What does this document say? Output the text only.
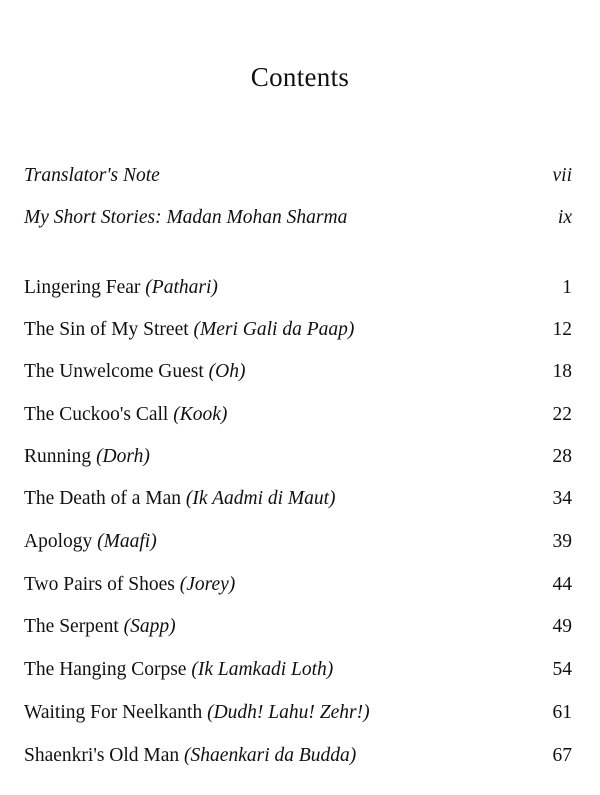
Contents
Translator's Note	vii
My Short Stories: Madan Mohan Sharma	ix
Lingering Fear (Pathari)	1
The Sin of My Street (Meri Gali da Paap)	12
The Unwelcome Guest (Oh)	18
The Cuckoo's Call (Kook)	22
Running (Dorh)	28
The Death of a Man (Ik Aadmi di Maut)	34
Apology (Maafi)	39
Two Pairs of Shoes (Jorey)	44
The Serpent (Sapp)	49
The Hanging Corpse (Ik Lamkadi Loth)	54
Waiting For Neelkanth (Dudh! Lahu! Zehr!)	61
Shaenkri's Old Man (Shaenkari da Budda)	67
